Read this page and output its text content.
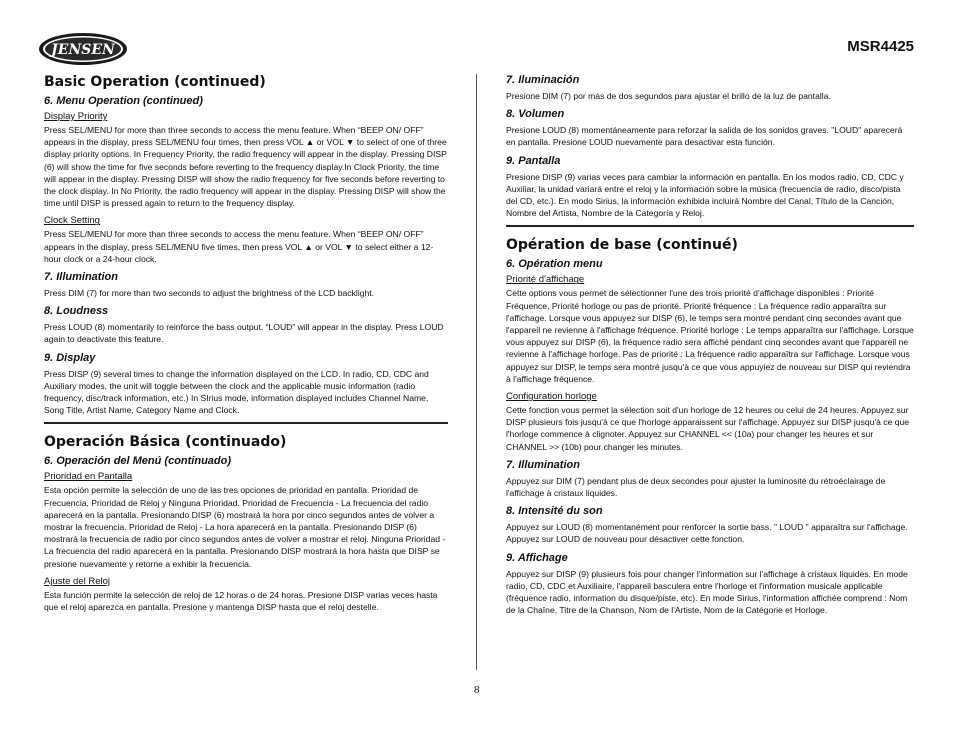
JENSEN	MSR4425
Basic Operation (continued)
6. Menu Operation (continued)
Display Priority

Press SEL/MENU for more than three seconds to access the menu feature. When “BEEP ON/ OFF” appears in the display, press SEL/MENU four times, then press VOL ▲ or VOL ▼ to select of one of three display priority options. In Frequency Priority, the radio frequency will appear in the display. Pressing DISP (6) will show the time for five seconds before reverting to the frequency display.In Clock Priority, the time will appear in the display. Pressing DISP will show the radio frequency for five seconds before reverting to the clock display. In No Priority, the radio frequency will appear in the display. Pressing DISP will show the time until DISP is pressed again to return to the frequency display.

Clock Setting

Press SEL/MENU for more than three seconds to access the menu feature. When “BEEP ON/ OFF” appears in the display, press SEL/MENU five times, then press VOL ▲ or VOL ▼ to select either a 12-hour clock or a 24-hour clock.

7. Illumination

Press DIM (7) for more than two seconds to adjust the brightness of the LCD backlight.

8. Loudness

Press LOUD (8) momentarily to reinforce the bass output. “LOUD” will appear in the display. Press LOUD again to deactivate this feature.

9. Display

Press DISP (9) several times to change the information displayed on the LCD. In radio, CD, CDC and Auxiliary modes, the unit will toggle between the clock and the applicable music information (radio frequency, disc/track information, etc.) In SIrius mode, information displayed includes Channel Name, Song Title, Artist Name, Category Name and Clock.

Operación Básica (continuado)
6. Operación del Menú (continuado)
Prioridad en Pantalla

Esta opción permite la selección de uno de las tres opciones de prioridad en pantalla. Prioridad de Frecuencia, Prioridad de Reloj y Ninguna Prioridad. Prioridad de Frecuencia - La frecuencia del radio aparecerá en la pantalla. Presionando DISP (6) mostrará la hora por cinco segundos antes de volver a mostrar la frecuencia. Prioridad de Reloj - La hora aparecerá en la pantalla. Presionando DISP (6) mostrará la frecuencia de radio por cinco segundos antes de volver a mostrar el reloj. Ninguna Prioridad - La frecuencia del radio aparecerá en la pantalla. Presionando DISP mostrará la hora hasta que DISP se presione nuevamente y retorne a exhibir la frecuencia.

Ajuste del Reloj

Esta función permite la selección de reloj de 12 horas o de 24 horas. Presione DISP varias veces hasta que el reloj aparezca en pantalla. Presione y mantenga DISP hasta que el reloj destelle.

7. Iluminación

Presione DIM (7) por más de dos segundos para ajustar el brillo de la luz de pantalla.

8. Volumen

Presione LOUD (8) momentáneamente para reforzar la salida de los sonidos graves. "LOUD" aparecerá en pantalla. Presione LOUD nuevamente para desactivar esta función.

9. Pantalla

Presione DISP (9) varias veces para cambiar la información en pantalla. En los modos radio, CD, CDC y Auxiliar, la unidad variará entre el reloj y la información sobre la música (frecuencia de radio, disco/pista del CD, etc.). En modo Sirius, la información exhibida incluirá Nombre del Canal, Título de la Canción, Nombre del Artista, Nombre de la Categoría y Reloj.

Opération de base (continué)
6. Opération menu
Priorité d'affichage

Cette options vous permet de sélectionner l'une des trois priorité d'affichage disponibles : Priorité Fréquence, Priorité horloge ou pas de priorité. Priorité fréquence : La fréquence radio apparaîtra sur l'affichage. Lorsque vous appuyez sur DISP (6), le temps sera montré pendant cinq secondes avant que l'appareil ne revienne à l'affichage fréquence. Priorité horloge : Le temps apparaîtra sur l'affichage. Lorsque vous appuyez sur DISP (6), la fréquence radio sera affiché pendant cinq secondes avant que l'appareil ne revienne à l'affichage horloge. Pas de priorité : La fréquence radio apparaîtra sur l'affichage. Lorsque vous appuyez sur DISP, le temps sera montré jusqu'à ce que vous appuyiez de nouveau sur DISP qui reviendra à l'affichage fréquence.

Configuration horloge

Cette fonction vous permet la sélection soit d'un horloge de 12 heures ou celui de 24 heures. Appuyez sur DISP plusieurs fois jusqu'à ce que l'horloge apparaissent sur l'affichage. Appuyez sur DISP jusqu'à ce que l'horloge commence à clignoter. Appuyez sur CHANNEL << (10a) pour changer les heures et sur CHANNEL >> (10b) pour changer les minutes.

7. Illumination

Appuyez sur DIM (7) pendant plus de deux secondes pour ajuster la luminosité du rétroéclairage de l'affichage à cristaux liquides.

8. Intensité du son

Appuyez sur LOUD (8) momentanément pour renforcer la sortie bass. " LOUD " apparaîtra sur l'affichage. Appuyez sur LOUD de nouveau pour désactiver cette fonction.

9. Affichage

Appuyez sur DISP (9) plusieurs fois pour changer l'information sur l'affichage à cristaux liquides. En mode radio, CD, CDC et Auxiliaire, l'appareil basculera entre l'horloge et l'information musicale applicable (fréquence radio, information du disque/piste, etc). En mode Sirius, l'information affichée comprend : Nom de la Chaîne, Titre de la Chanson, Nom de l'Artiste, Nom de la Catégorie et Horloge.

8
